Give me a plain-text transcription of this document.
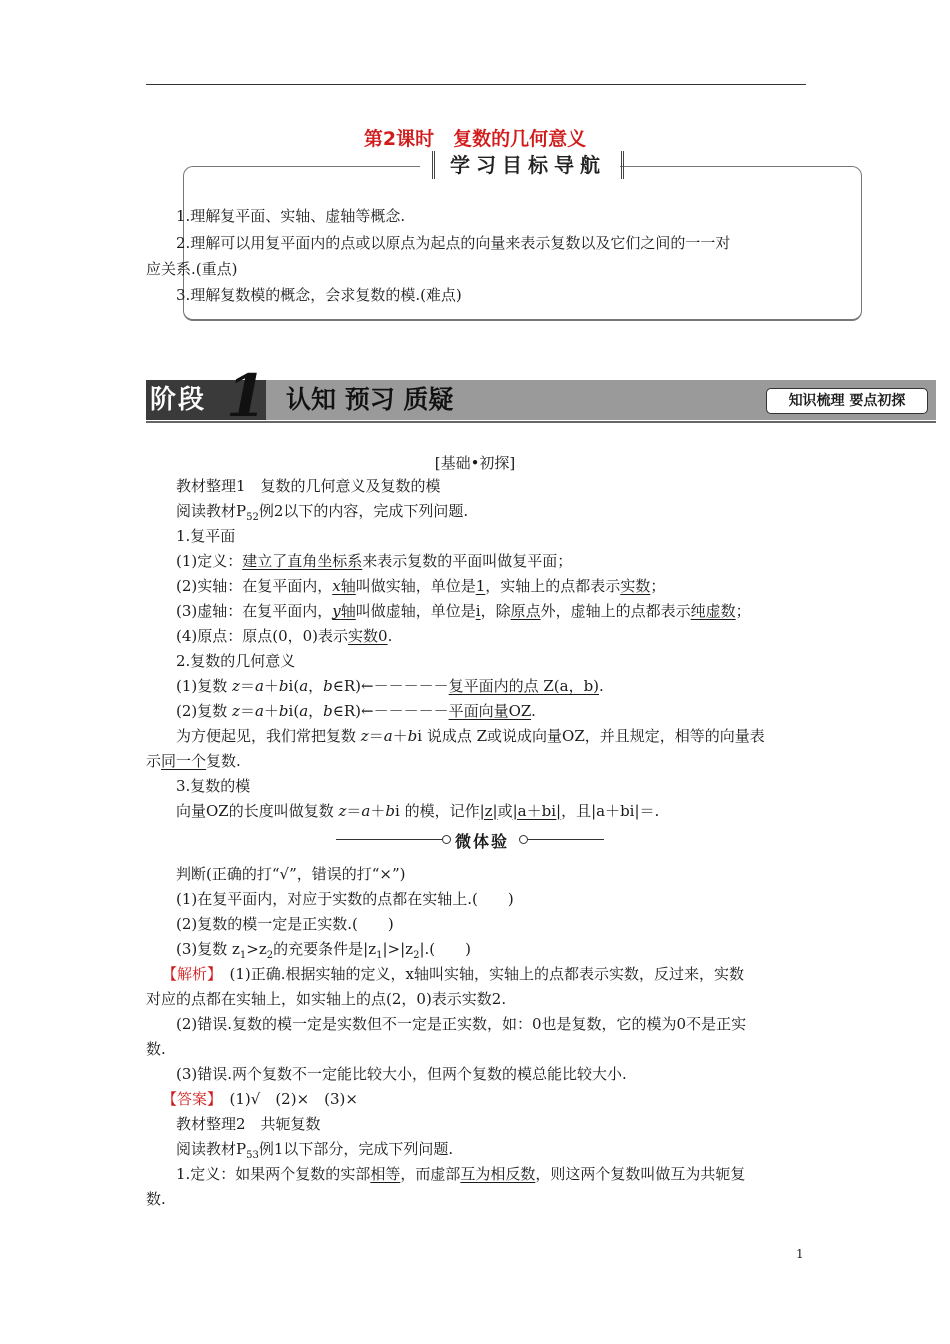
第2课时　复数的几何意义
学习目标导航
1.理解复平面、实轴、虚轴等概念.
2.理解可以用复平面内的点或以原点为起点的向量来表示复数以及它们之间的一一对
应关系.(重点)
3.理解复数模的概念，会求复数的模.(难点)
阶段 1 认知 预习 质疑	知识梳理 要点初探
[基础•初探]
教材整理1　复数的几何意义及复数的模
阅读教材$P_{52}$例2以下的内容，完成下列问题.
1.复平面
(1)定义：建立了直角坐标系来表示复数的平面叫做复平面；
(2)实轴：在复平面内，x轴叫做实轴，单位是1，实轴上的点都表示实数；
(3)虚轴：在复平面内，y轴叫做虚轴，单位是i，除原点外，虚轴上的点都表示纯虚数；
(4)原点：原点(0，0)表示实数0.
2.复数的几何意义
(1)复数 z＝a＋bi(a，b∈R)←－－－－－复平面内的点 Z(a，b).
(2)复数 z＝a＋bi(a，b∈R)←－－－－－平面向量OZ.
为方便起见，我们常把复数 z＝a＋bi 说成点 Z或说成向量OZ，并且规定，相等的向量表
示同一个复数.
3.复数的模
向量OZ的长度叫做复数 z＝a＋bi 的模，记作|z|或|a＋bi|，且|a＋bi|＝.
微体验
判断(正确的打“√”，错误的打“×”)
(1)在复平面内，对应于实数的点都在实轴上.(　　)
(2)复数的模一定是正实数.(　　)
(3)复数 $z_1>z_2$的充要条件是$|z_1|>|z_2|$.(　　)
【解析】　(1)正确.根据实轴的定义，x轴叫实轴，实轴上的点都表示实数，反过来，实数
对应的点都在实轴上，如实轴上的点(2，0)表示实数2.
(2)错误.复数的模一定是实数但不一定是正实数，如：0也是复数，它的模为0不是正实
数.
(3)错误.两个复数不一定能比较大小，但两个复数的模总能比较大小.
【答案】　(1)√　(2)×　(3)×
教材整理2　共轭复数
阅读教材$P_{53}$例1以下部分，完成下列问题.
1.定义：如果两个复数的实部相等，而虚部互为相反数，则这两个复数叫做互为共轭复
数.
1
